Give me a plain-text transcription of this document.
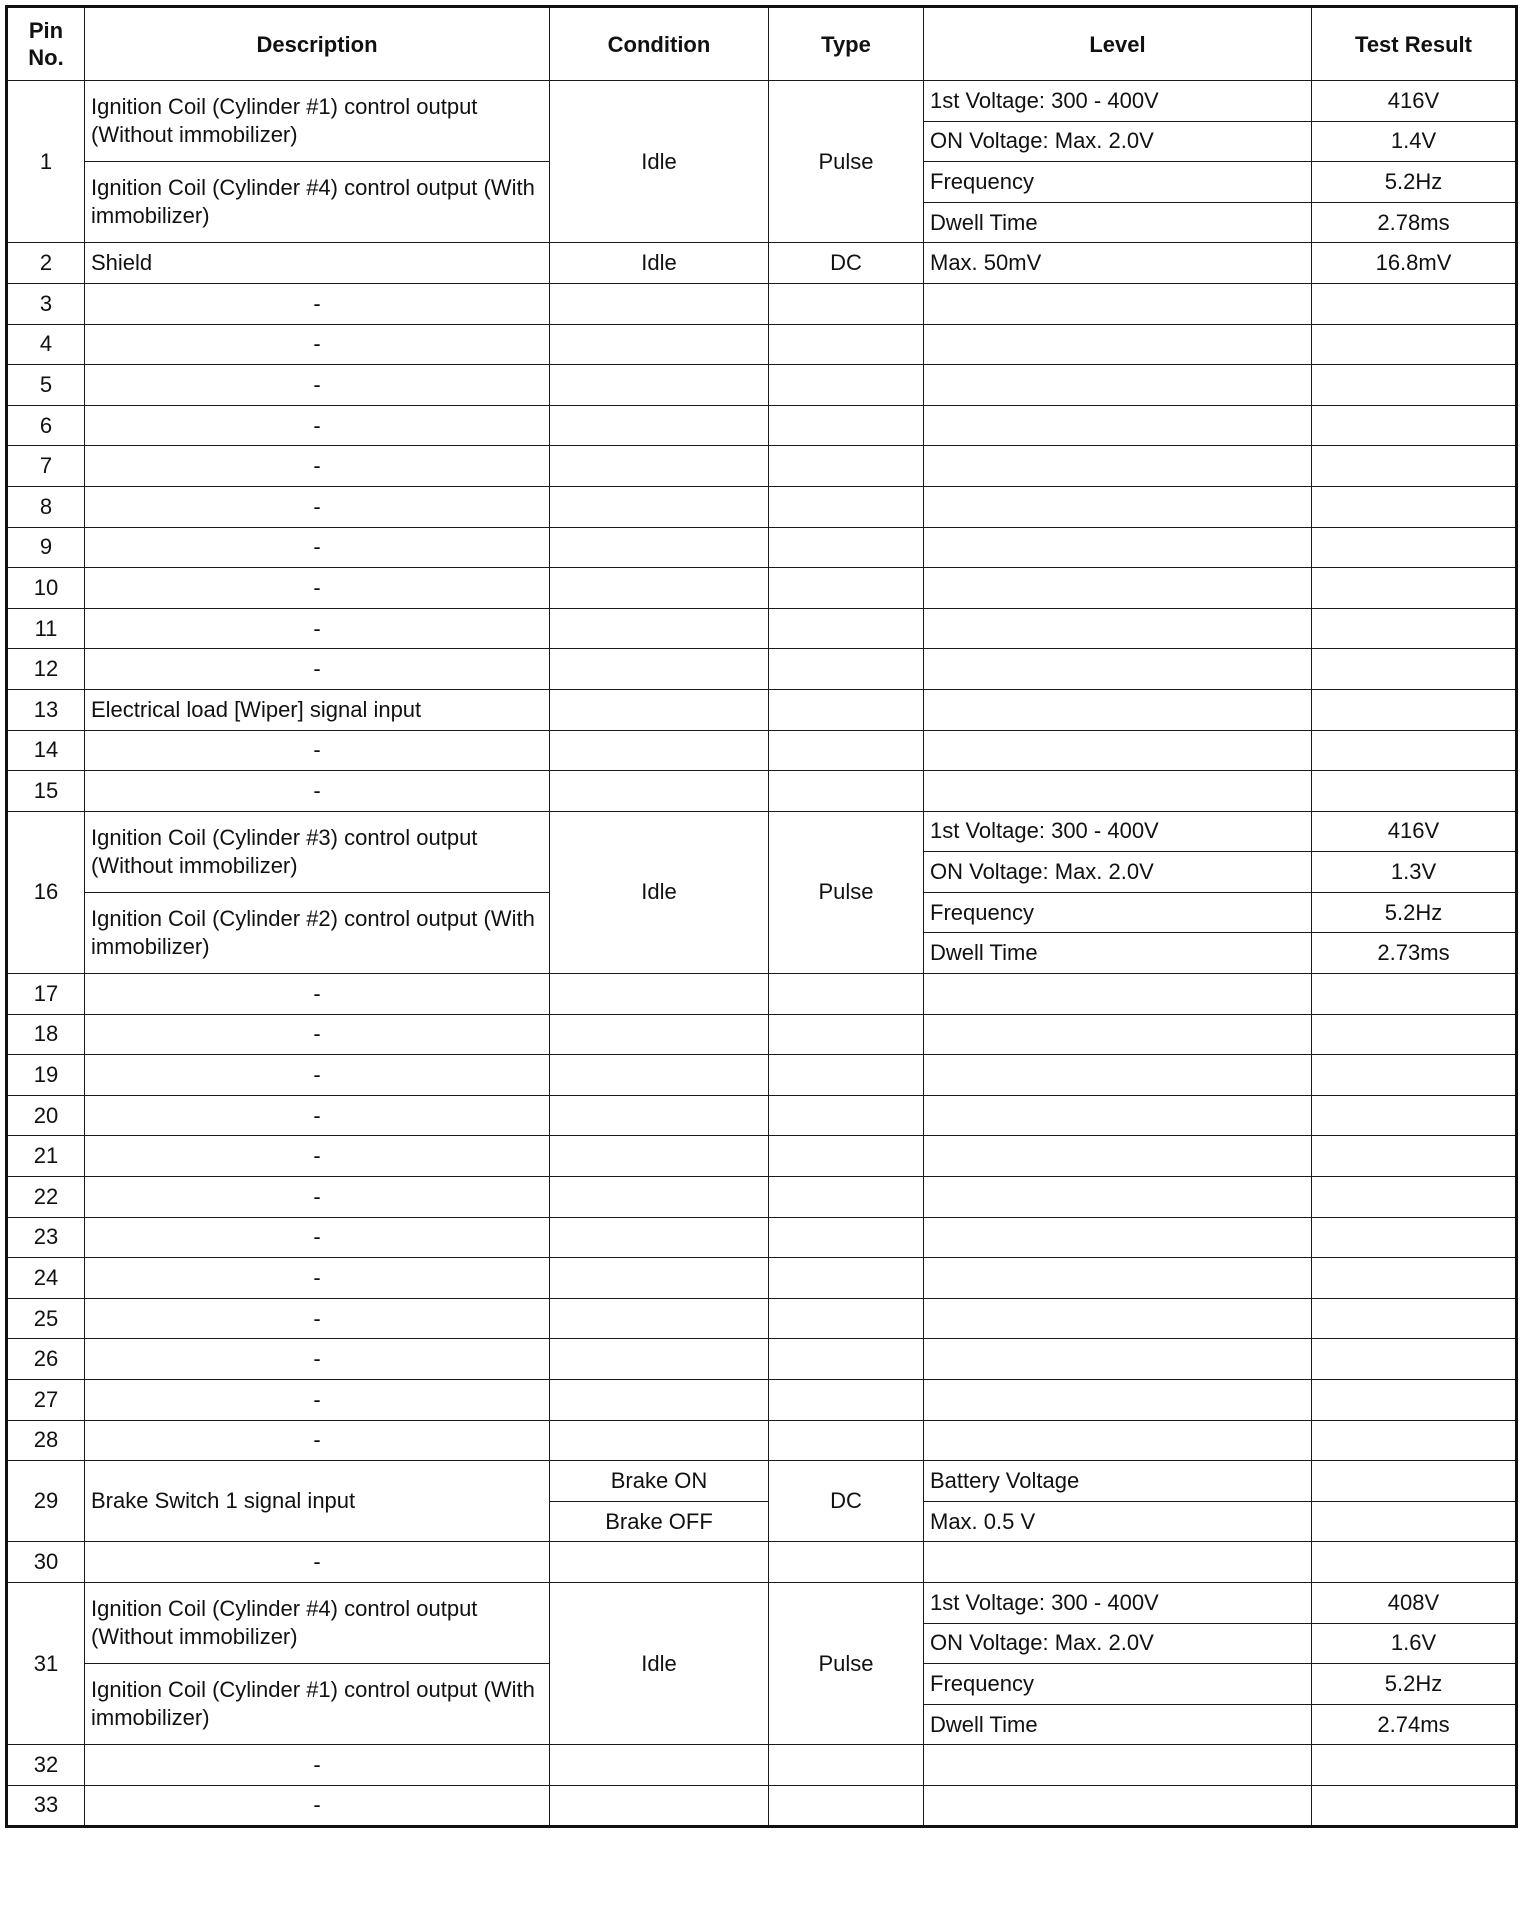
Pin No.	Description	Condition	Type	Level	Test Result
1	Ignition Coil (Cylinder #1) control output (Without immobilizer)	Idle	Pulse	1st Voltage: 300 - 400V	416V
				ON Voltage: Max. 2.0V	1.4V
	Ignition Coil (Cylinder #4) control output (With immobilizer)			Frequency	5.2Hz
				Dwell Time	2.78ms
2	Shield	Idle	DC	Max. 50mV	16.8mV
3	-				
4	-				
5	-				
6	-				
7	-				
8	-				
9	-				
10	-				
11	-				
12	-				
13	Electrical load [Wiper] signal input				
14	-				
15	-				
16	Ignition Coil (Cylinder #3) control output (Without immobilizer)	Idle	Pulse	1st Voltage: 300 - 400V	416V
				ON Voltage: Max. 2.0V	1.3V
	Ignition Coil (Cylinder #2) control output (With immobilizer)			Frequency	5.2Hz
				Dwell Time	2.73ms
17	-				
18	-				
19	-				
20	-				
21	-				
22	-				
23	-				
24	-				
25	-				
26	-				
27	-				
28	-				
29	Brake Switch 1 signal input	Brake ON	DC	Battery Voltage	
		Brake OFF		Max. 0.5 V	
30	-				
31	Ignition Coil (Cylinder #4) control output (Without immobilizer)	Idle	Pulse	1st Voltage: 300 - 400V	408V
				ON Voltage: Max. 2.0V	1.6V
	Ignition Coil (Cylinder #1) control output (With immobilizer)			Frequency	5.2Hz
				Dwell Time	2.74ms
32	-				
33	-				
